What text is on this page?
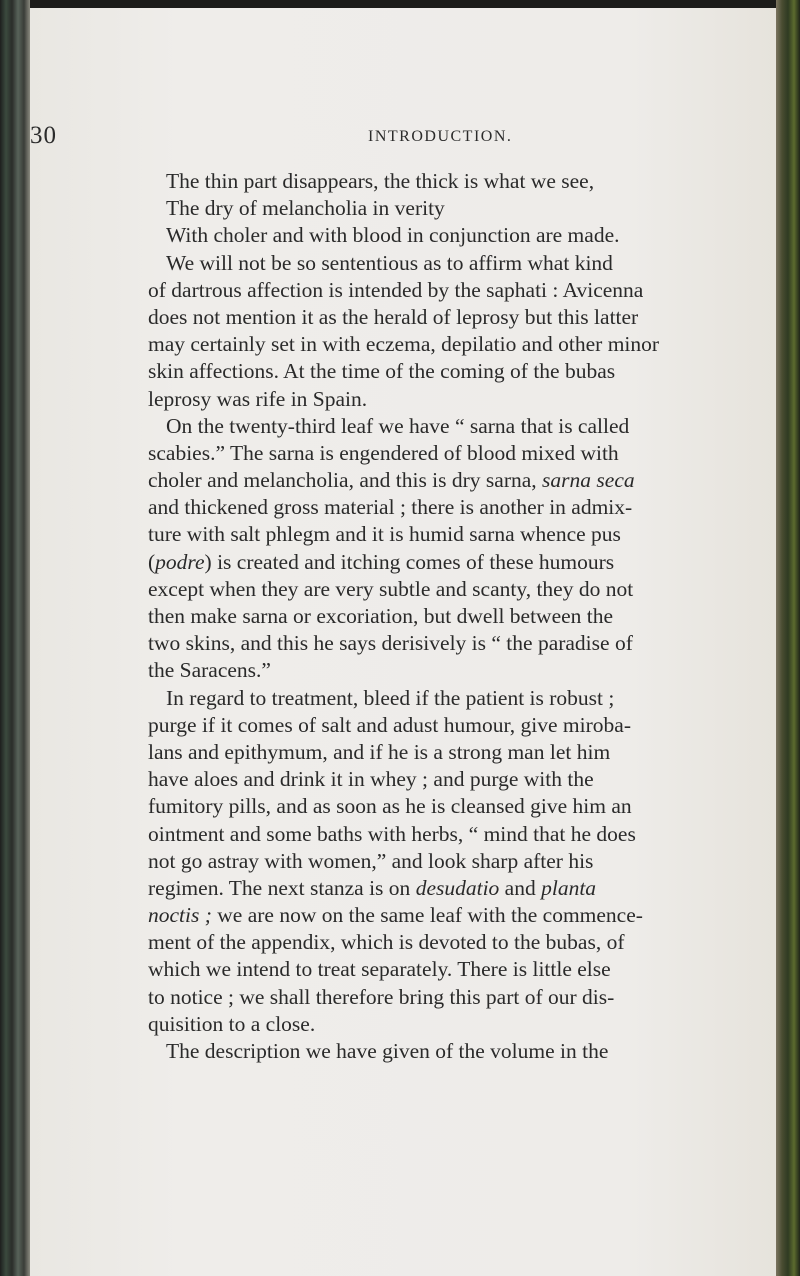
30	INTRODUCTION.
The thin part disappears, the thick is what we see,
The dry of melancholia in verity
With choler and with blood in conjunction are made.
We will not be so sententious as to affirm what kind
of dartrous affection is intended by the saphati : Avicenna
does not mention it as the herald of leprosy but this latter
may certainly set in with eczema, depilatio and other minor
skin affections. At the time of the coming of the bubas
leprosy was rife in Spain.
On the twenty-third leaf we have “ sarna that is called
scabies.” The sarna is engendered of blood mixed with
choler and melancholia, and this is dry sarna, sarna seca
and thickened gross material ; there is another in admix-
ture with salt phlegm and it is humid sarna whence pus
(podre) is created and itching comes of these humours
except when they are very subtle and scanty, they do not
then make sarna or excoriation, but dwell between the
two skins, and this he says derisively is “ the paradise of
the Saracens.”
In regard to treatment, bleed if the patient is robust ;
purge if it comes of salt and adust humour, give miroba-
lans and epithymum, and if he is a strong man let him
have aloes and drink it in whey ; and purge with the
fumitory pills, and as soon as he is cleansed give him an
ointment and some baths with herbs, “ mind that he does
not go astray with women,” and look sharp after his
regimen. The next stanza is on desudatio and planta
noctis ; we are now on the same leaf with the commence-
ment of the appendix, which is devoted to the bubas, of
which we intend to treat separately. There is little else
to notice ; we shall therefore bring this part of our dis-
quisition to a close.
The description we have given of the volume in the
